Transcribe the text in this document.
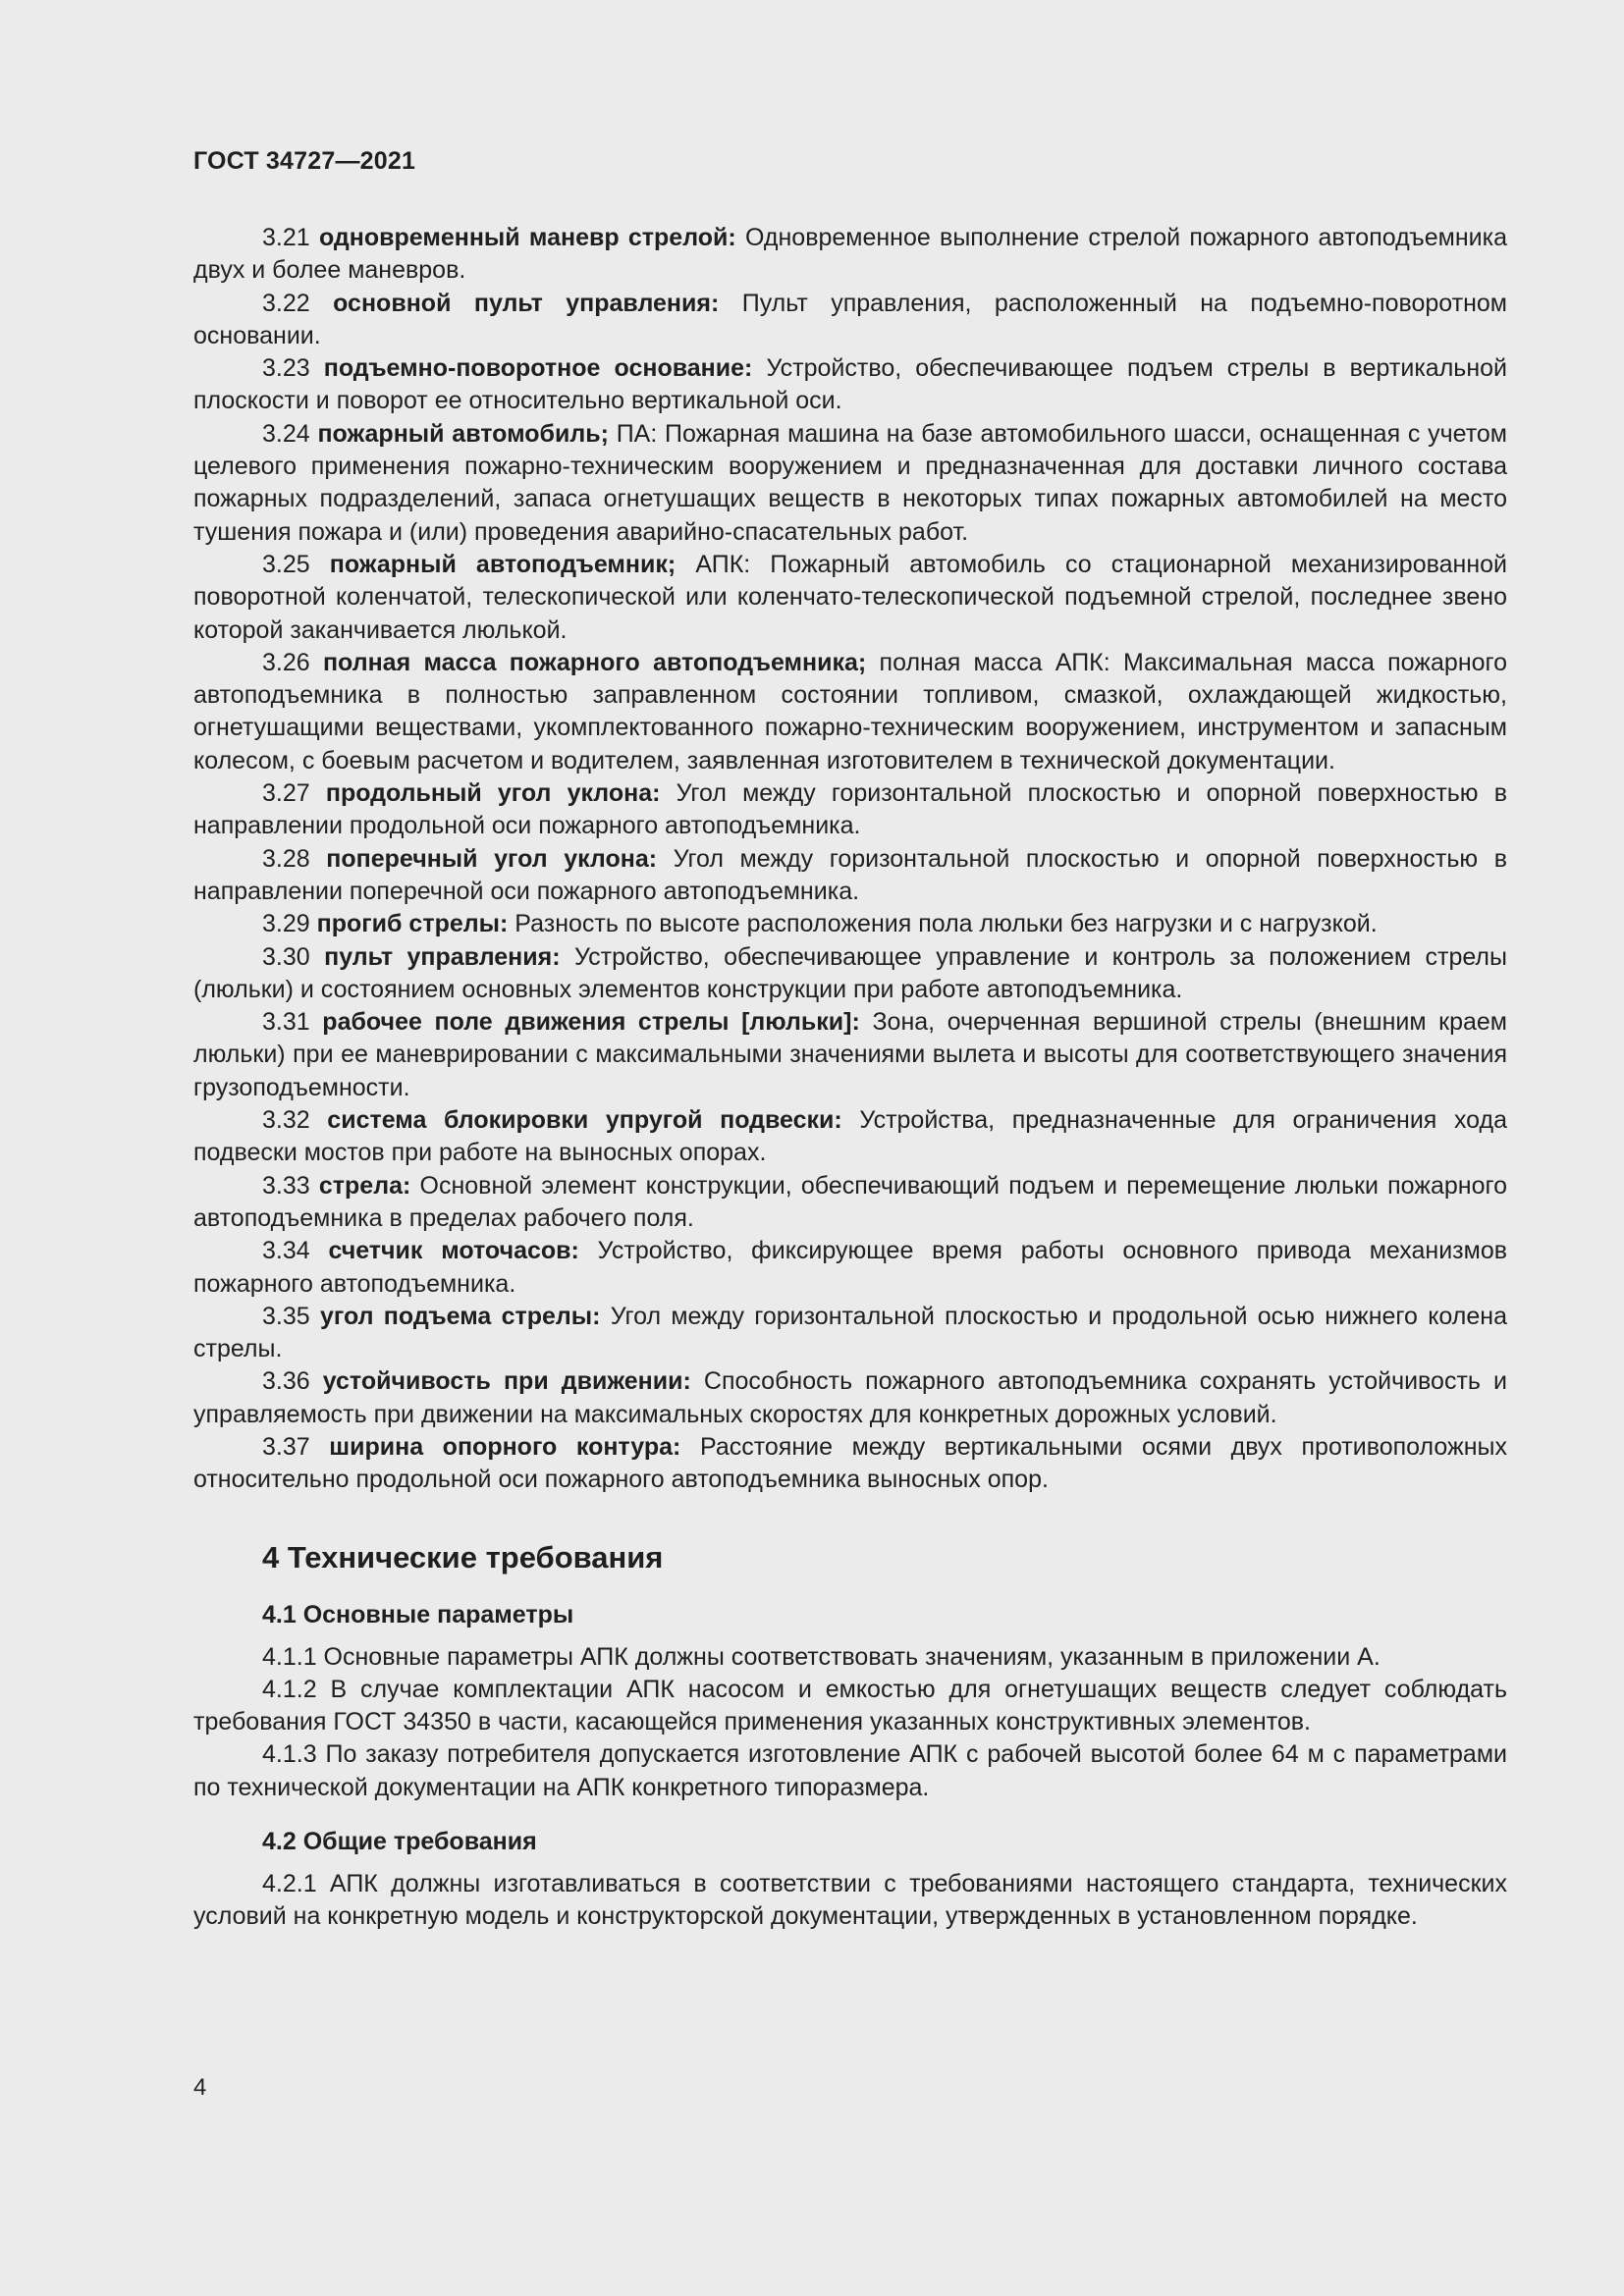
ГОСТ 34727—2021

3.21 одновременный маневр стрелой: Одновременное выполнение стрелой пожарного автоподъемника двух и более маневров.

3.22 основной пульт управления: Пульт управления, расположенный на подъемно-поворотном основании.

3.23 подъемно-поворотное основание: Устройство, обеспечивающее подъем стрелы в вертикальной плоскости и поворот ее относительно вертикальной оси.

3.24 пожарный автомобиль; ПА: Пожарная машина на базе автомобильного шасси, оснащенная с учетом целевого применения пожарно-техническим вооружением и предназначенная для доставки личного состава пожарных подразделений, запаса огнетушащих веществ в некоторых типах пожарных автомобилей на место тушения пожара и (или) проведения аварийно-спасательных работ.

3.25 пожарный автоподъемник; АПК: Пожарный автомобиль со стационарной механизированной поворотной коленчатой, телескопической или коленчато-телескопической подъемной стрелой, последнее звено которой заканчивается люлькой.

3.26 полная масса пожарного автоподъемника; полная масса АПК: Максимальная масса пожарного автоподъемника в полностью заправленном состоянии топливом, смазкой, охлаждающей жидкостью, огнетушащими веществами, укомплектованного пожарно-техническим вооружением, инструментом и запасным колесом, с боевым расчетом и водителем, заявленная изготовителем в технической документации.

3.27 продольный угол уклона: Угол между горизонтальной плоскостью и опорной поверхностью в направлении продольной оси пожарного автоподъемника.

3.28 поперечный угол уклона: Угол между горизонтальной плоскостью и опорной поверхностью в направлении поперечной оси пожарного автоподъемника.

3.29 прогиб стрелы: Разность по высоте расположения пола люльки без нагрузки и с нагрузкой.

3.30 пульт управления: Устройство, обеспечивающее управление и контроль за положением стрелы (люльки) и состоянием основных элементов конструкции при работе автоподъемника.

3.31 рабочее поле движения стрелы [люльки]: Зона, очерченная вершиной стрелы (внешним краем люльки) при ее маневрировании с максимальными значениями вылета и высоты для соответствующего значения грузоподъемности.

3.32 система блокировки упругой подвески: Устройства, предназначенные для ограничения хода подвески мостов при работе на выносных опорах.

3.33 стрела: Основной элемент конструкции, обеспечивающий подъем и перемещение люльки пожарного автоподъемника в пределах рабочего поля.

3.34 счетчик моточасов: Устройство, фиксирующее время работы основного привода механизмов пожарного автоподъемника.

3.35 угол подъема стрелы: Угол между горизонтальной плоскостью и продольной осью нижнего колена стрелы.

3.36 устойчивость при движении: Способность пожарного автоподъемника сохранять устойчивость и управляемость при движении на максимальных скоростях для конкретных дорожных условий.

3.37 ширина опорного контура: Расстояние между вертикальными осями двух противоположных относительно продольной оси пожарного автоподъемника выносных опор.

4 Технические требования
4.1 Основные параметры

4.1.1 Основные параметры АПК должны соответствовать значениям, указанным в приложении А.

4.1.2 В случае комплектации АПК насосом и емкостью для огнетушащих веществ следует соблюдать требования ГОСТ 34350 в части, касающейся применения указанных конструктивных элементов.

4.1.3 По заказу потребителя допускается изготовление АПК с рабочей высотой более 64 м с параметрами по технической документации на АПК конкретного типоразмера.

4.2 Общие требования

4.2.1 АПК должны изготавливаться в соответствии с требованиями настоящего стандарта, технических условий на конкретную модель и конструкторской документации, утвержденных в установленном порядке.

4
